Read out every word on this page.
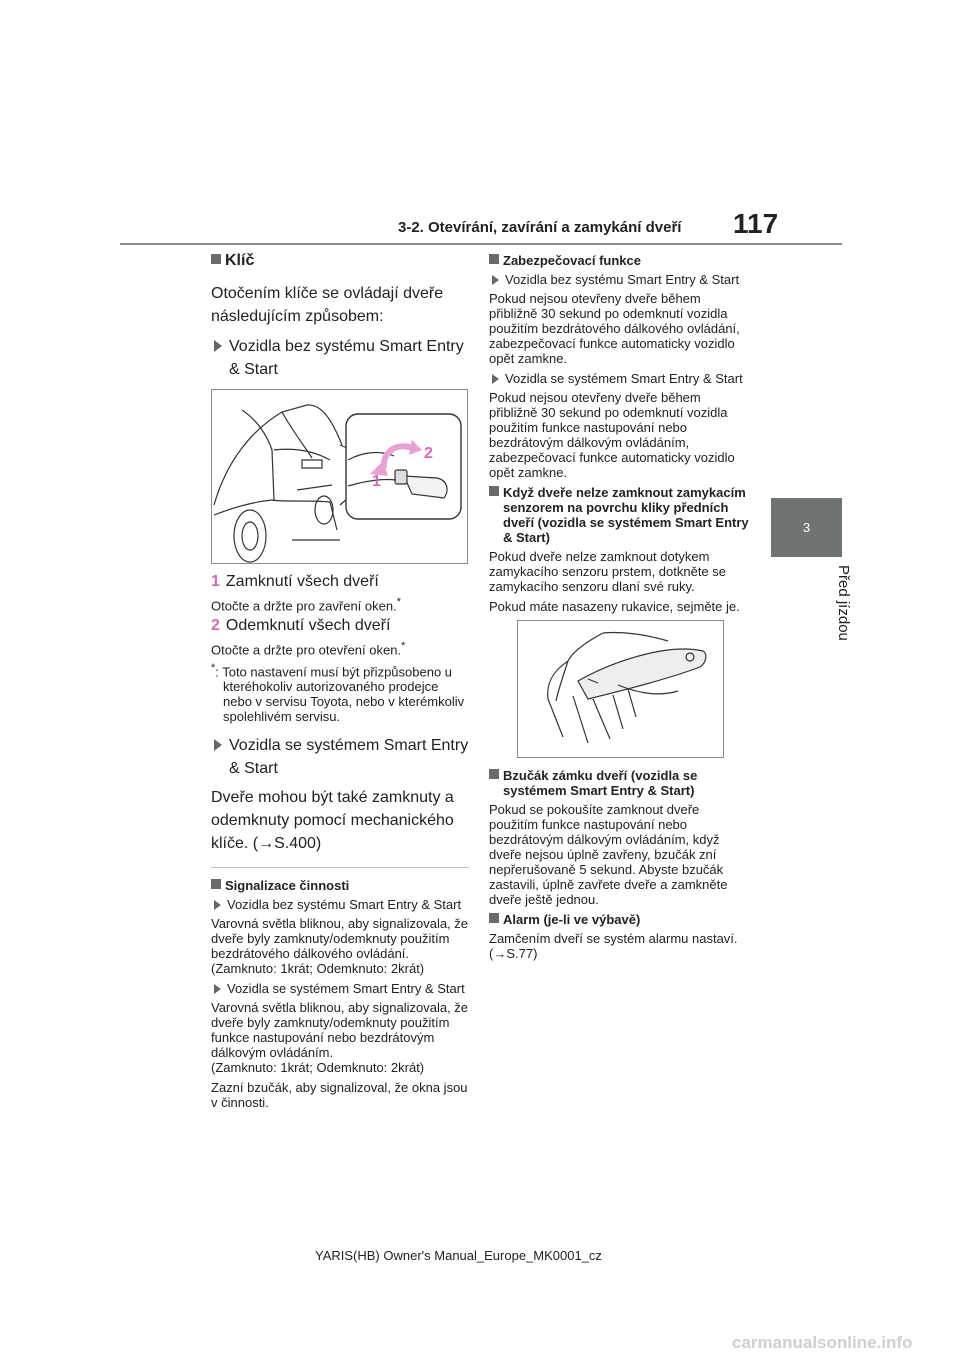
3-2. Otevírání, zavírání a zamykání dveří 117
3
Před jízdou
Klíč
Otočením klíče se ovládají dveře následujícím způsobem:
Vozidla bez systému Smart Entry & Start
1
2
1 Zamknutí všech dveří
Otočte a držte pro zavření oken.*
2 Odemknutí všech dveří
Otočte a držte pro otevření oken.*
*: Toto nastavení musí být přizpůsobeno u kteréhokoliv autorizovaného prodejce nebo v servisu Toyota, nebo v kterémkoliv spolehlivém servisu.
Vozidla se systémem Smart Entry & Start
Dveře mohou být také zamknuty a odemknuty pomocí mechanického klíče. (→S.400)
Signalizace činnosti
Vozidla bez systému Smart Entry & Start
Varovná světla bliknou, aby signalizovala, že dveře byly zamknuty/odemknuty použitím bezdrátového dálkového ovládání.
(Zamknuto: 1krát; Odemknuto: 2krát)
Vozidla se systémem Smart Entry & Start
Varovná světla bliknou, aby signalizovala, že dveře byly zamknuty/odemknuty použitím funkce nastupování nebo bezdrátovým dálkovým ovládáním.
(Zamknuto: 1krát; Odemknuto: 2krát)
Zazní bzučák, aby signalizoval, že okna jsou v činnosti.
Zabezpečovací funkce
Vozidla bez systému Smart Entry & Start
Pokud nejsou otevřeny dveře během přibližně 30 sekund po odemknutí vozidla použitím bezdrátového dálkového ovládání, zabezpečovací funkce automaticky vozidlo opět zamkne.
Vozidla se systémem Smart Entry & Start
Pokud nejsou otevřeny dveře během přibližně 30 sekund po odemknutí vozidla použitím funkce nastupování nebo bezdrátovým dálkovým ovládáním, zabezpečovací funkce automaticky vozidlo opět zamkne.
Když dveře nelze zamknout zamykacím senzorem na povrchu kliky předních dveří (vozidla se systémem Smart Entry & Start)
Pokud dveře nelze zamknout dotykem zamykacího senzoru prstem, dotkněte se zamykacího senzoru dlaní své ruky.
Pokud máte nasazeny rukavice, sejměte je.
Bzučák zámku dveří (vozidla se systémem Smart Entry & Start)
Pokud se pokoušíte zamknout dveře použitím funkce nastupování nebo bezdrátovým dálkovým ovládáním, když dveře nejsou úplně zavřeny, bzučák zní nepřerušovaně 5 sekund. Abyste bzučák zastavili, úplně zavřete dveře a zamkněte dveře ještě jednou.
Alarm (je-li ve výbavě)
Zamčením dveří se systém alarmu nastaví. (→S.77)
YARIS(HB) Owner's Manual_Europe_MK0001_cz
carmanualsonline.info
